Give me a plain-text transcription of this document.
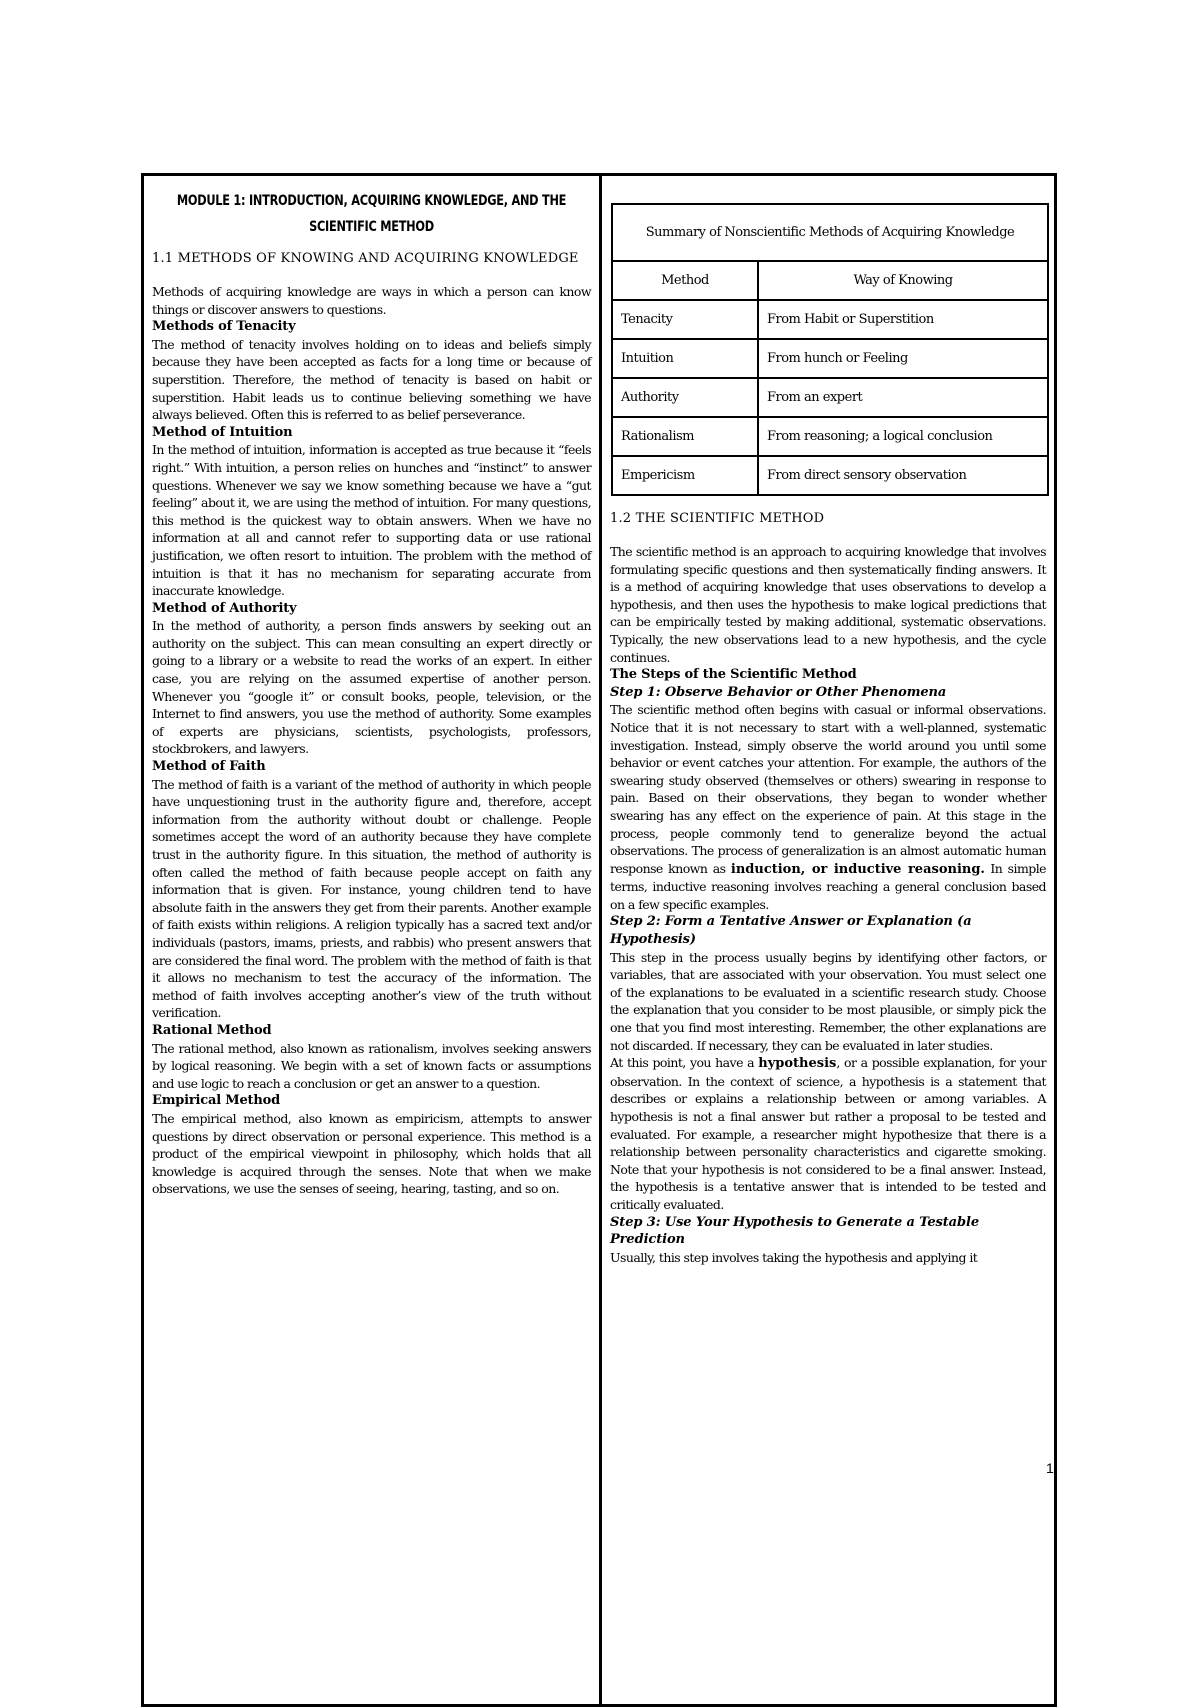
MODULE 1: INTRODUCTION, ACQUIRING KNOWLEDGE, AND THE SCIENTIFIC METHOD
1.1 METHODS OF KNOWING AND ACQUIRING KNOWLEDGE

Methods of acquiring knowledge are ways in which a person can know things or discover answers to questions.

Methods of Tenacity

The method of tenacity involves holding on to ideas and beliefs simply because they have been accepted as facts for a long time or because of superstition. Therefore, the method of tenacity is based on habit or superstition. Habit leads us to continue believing something we have always believed. Often this is referred to as belief perseverance.

Method of Intuition

In the method of intuition, information is accepted as true because it “feels right.” With intuition, a person relies on hunches and “instinct” to answer questions. Whenever we say we know something because we have a “gut feeling” about it, we are using the method of intuition. For many questions, this method is the quickest way to obtain answers. When we have no information at all and cannot refer to supporting data or use rational justification, we often resort to intuition. The problem with the method of intuition is that it has no mechanism for separating accurate from inaccurate knowledge.

Method of Authority

In the method of authority, a person finds answers by seeking out an authority on the subject. This can mean consulting an expert directly or going to a library or a website to read the works of an expert. In either case, you are relying on the assumed expertise of another person. Whenever you “google it” or consult books, people, television, or the Internet to find answers, you use the method of authority. Some examples of experts are physicians, scientists, psychologists, professors, stockbrokers, and lawyers.

Method of Faith

The method of faith is a variant of the method of authority in which people have unquestioning trust in the authority figure and, therefore, accept information from the authority without doubt or challenge. People sometimes accept the word of an authority because they have complete trust in the authority figure. In this situation, the method of authority is often called the method of faith because people accept on faith any information that is given. For instance, young children tend to have absolute faith in the answers they get from their parents. Another example of faith exists within religions. A religion typically has a sacred text and/or individuals (pastors, imams, priests, and rabbis) who present answers that are considered the final word. The problem with the method of faith is that it allows no mechanism to test the accuracy of the information. The method of faith involves accepting another’s view of the truth without verification.

Rational Method

The rational method, also known as rationalism, involves seeking answers by logical reasoning. We begin with a set of known facts or assumptions and use logic to reach a conclusion or get an answer to a question.

Empirical Method

The empirical method, also known as empiricism, attempts to answer questions by direct observation or personal experience. This method is a product of the empirical viewpoint in philosophy, which holds that all knowledge is acquired through the senses. Note that when we make observations, we use the senses of seeing, hearing, tasting, and so on.

Summary of Nonscientific Methods of Acquiring Knowledge	
Method	Way of Knowing
Tenacity	From Habit or Superstition
Intuition	From hunch or Feeling
Authority	From an expert
Rationalism	From reasoning; a logical conclusion
Empericism	From direct sensory observation
1.2 THE SCIENTIFIC METHOD

The scientific method is an approach to acquiring knowledge that involves formulating specific questions and then systematically finding answers. It is a method of acquiring knowledge that uses observations to develop a hypothesis, and then uses the hypothesis to make logical predictions that can be empirically tested by making additional, systematic observations. Typically, the new observations lead to a new hypothesis, and the cycle continues.

The Steps of the Scientific Method
Step 1: Observe Behavior or Other Phenomena

The scientific method often begins with casual or informal observations. Notice that it is not necessary to start with a well-planned, systematic investigation. Instead, simply observe the world around you until some behavior or event catches your attention. For example, the authors of the swearing study observed (themselves or others) swearing in response to pain. Based on their observations, they began to wonder whether swearing has any effect on the experience of pain. At this stage in the process, people commonly tend to generalize beyond the actual observations. The process of generalization is an almost automatic human response known as induction, or inductive reasoning. In simple terms, inductive reasoning involves reaching a general conclusion based on a few specific examples.

Step 2: Form a Tentative Answer or Explanation (a Hypothesis)

This step in the process usually begins by identifying other factors, or variables, that are associated with your observation. You must select one of the explanations to be evaluated in a scientific research study. Choose the explanation that you consider to be most plausible, or simply pick the one that you find most interesting. Remember, the other explanations are not discarded. If necessary, they can be evaluated in later studies.

At this point, you have a hypothesis, or a possible explanation, for your observation. In the context of science, a hypothesis is a statement that describes or explains a relationship between or among variables. A hypothesis is not a final answer but rather a proposal to be tested and evaluated. For example, a researcher might hypothesize that there is a relationship between personality characteristics and cigarette smoking. Note that your hypothesis is not considered to be a final answer. Instead, the hypothesis is a tentative answer that is intended to be tested and critically evaluated.

Step 3: Use Your Hypothesis to Generate a Testable Prediction

Usually, this step involves taking the hypothesis and applying it

1
